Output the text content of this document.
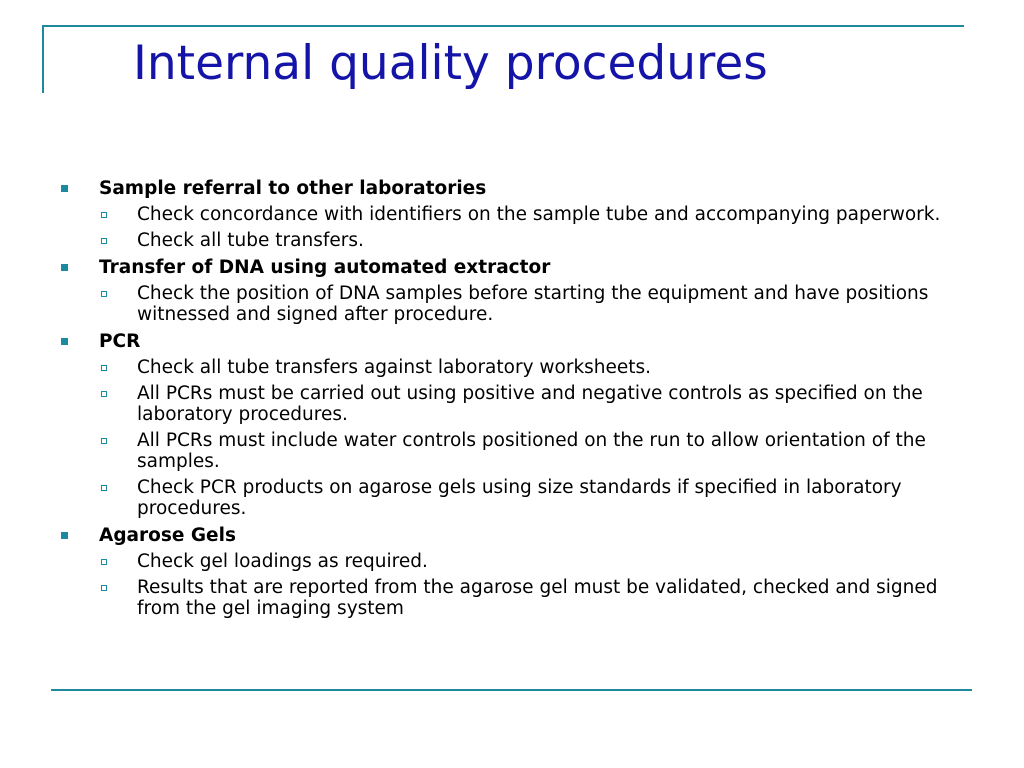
Internal quality procedures
Sample referral to other laboratories
Check concordance with identifiers on the sample tube and accompanying paperwork.
Check all tube transfers.
Transfer of DNA using automated extractor
Check the position of DNA samples before starting the equipment and have positions witnessed and signed after procedure.
PCR
Check all tube transfers against laboratory worksheets.
All PCRs must be carried out using positive and negative controls as specified on the laboratory procedures.
All PCRs must include water controls positioned on the run to allow orientation of the samples.
Check PCR products on agarose gels using size standards if specified in laboratory procedures.
Agarose Gels
Check gel loadings as required.
Results that are reported from the agarose gel must be validated, checked and signed from the gel imaging system
